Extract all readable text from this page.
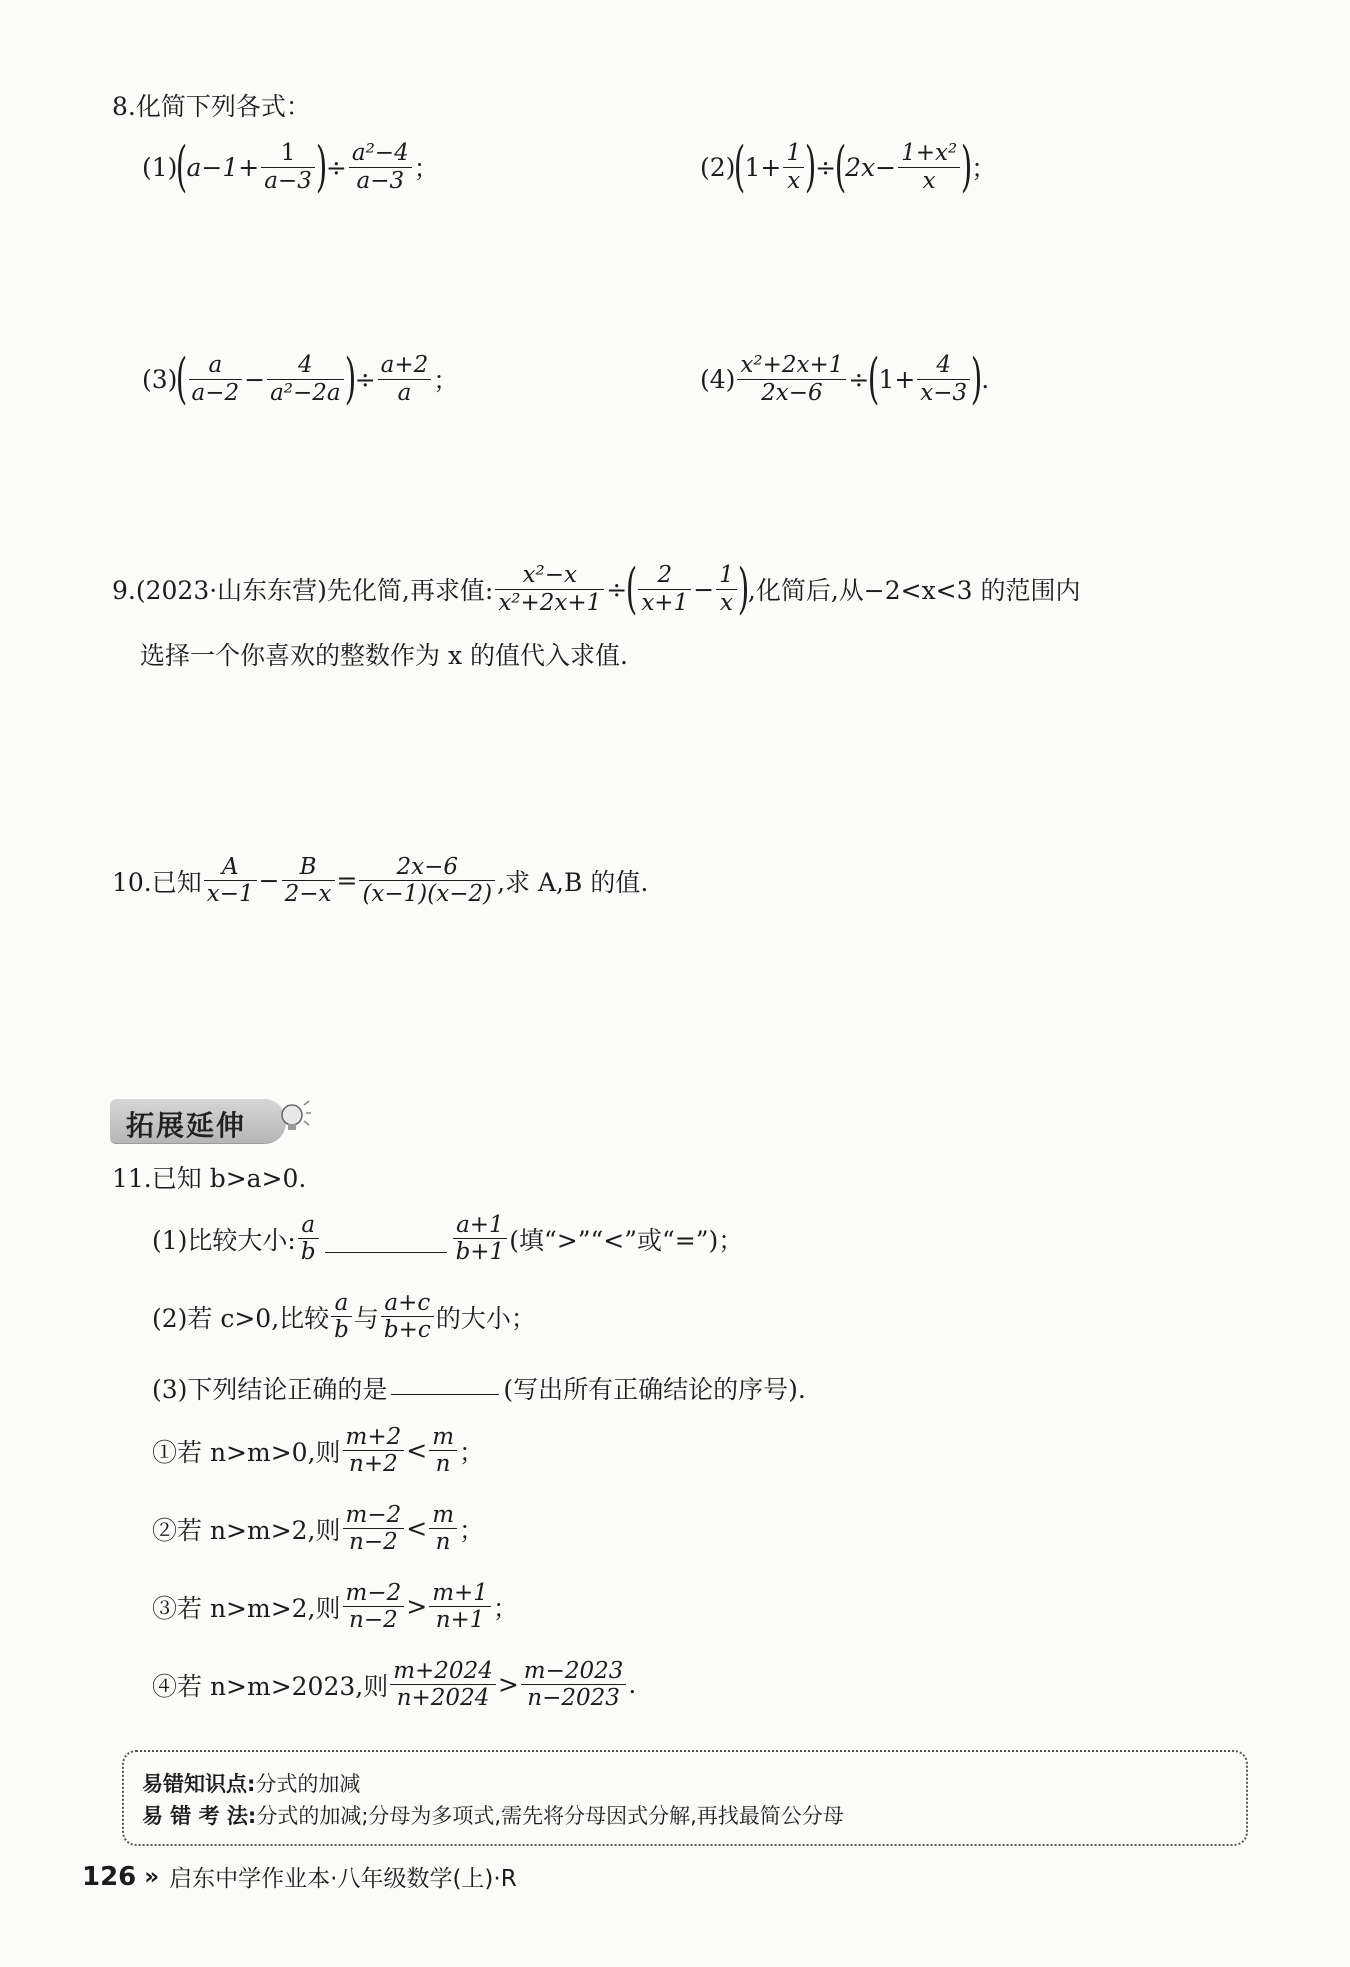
8.化简下列各式：
(1)
(
$a-1+ \frac{1}{a-3}$ )
÷ $\frac{\text{a²−4}}{a-3}$ ；	(2)
(
$1+ \frac{1}{x}$ )
÷
(
$2x- \frac{\text{1+x²}}{x}$ )
；
(3)
( $\frac{a}{a-2} - \frac{4}{\text{a²−2a}}$ )
÷ $\frac{a+2}{a}$ ；	$(4) \frac{\text{x²+2x+1}}{2x-6}$ ÷
(
$1+ \frac{4}{x-3}$ )
.
9.(2023·山东东营)先化简,再求值: $\frac{\text{x²−x}}{\text{x²+2x+1}}$ ÷
( $\frac{2}{x+1} - \frac{1}{x}$ )
,化简后,从−2<x<3 的范围内
选择一个你喜欢的整数作为 x 的值代入求值.
10.已知 $\frac{A}{x-1} - \frac{B}{2-x} = \frac{2x-6}{(x-1)(x-2)}$ ,求 A,B 的值.
拓展延伸
11.已知 b>a>0.
(1)比较大小: $\frac{a}{b}$	$\frac{a+1}{b+1}$ (填“>”“<”或“=”)；
(2)若 c>0,比较 $\frac{a}{b}$ 与 $\frac{a+c}{b+c}$ 的大小；
(3)下列结论正确的是	(写出所有正确结论的序号).
①若 n>m>0,则 $\frac{m+2}{n+2} < \frac{m}{n}$ ；
②若 n>m>2,则 $\frac{m-2}{n-2} < \frac{m}{n}$ ；
③若 n>m>2,则 $\frac{m-2}{n-2} > \frac{m+1}{n+1}$ ；
④若 n>m>2023,则 $\frac{m+2024}{n+2024} > \frac{m-2023}{n-2023}$ .
易错知识点:分式的加减
易 错 考 法:分式的加减;分母为多项式,需先将分母因式分解,再找最简公分母
126 » 启东中学作业本·八年级数学(上)·R
